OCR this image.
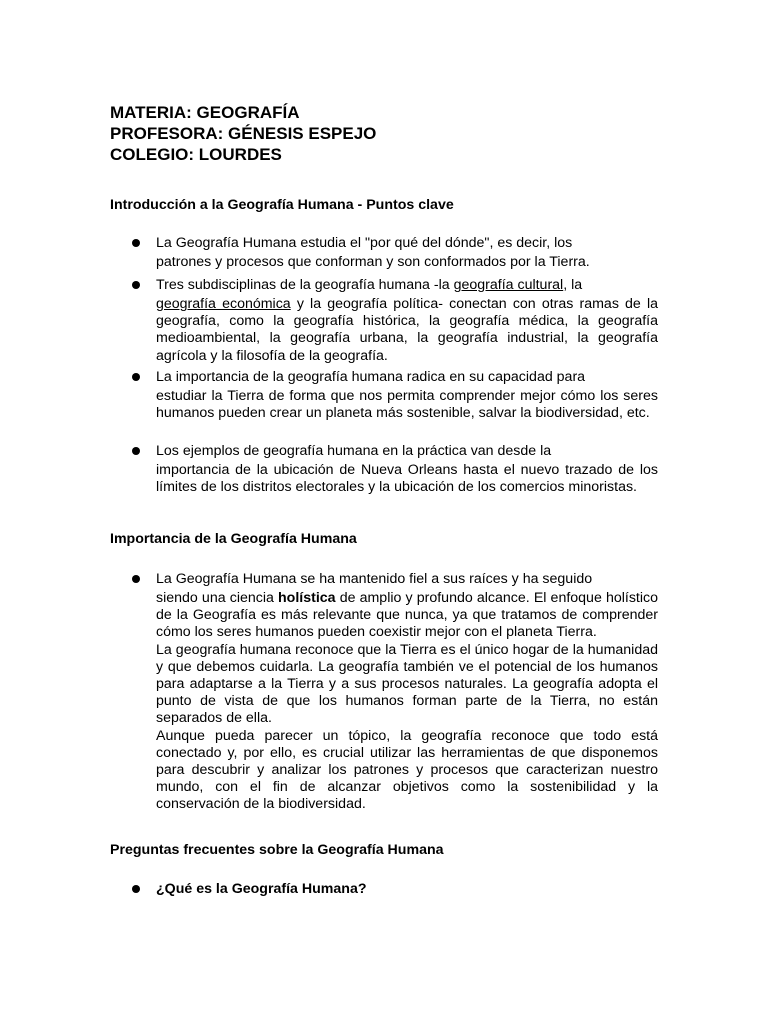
MATERIA: GEOGRAFÍA
PROFESORA: GÉNESIS ESPEJO
COLEGIO: LOURDES
Introducción a la Geografía Humana - Puntos clave
La Geografía Humana estudia el "por qué del dónde", es decir, los
patrones y procesos que conforman y son conformados por la Tierra.
Tres subdisciplinas de la geografía humana -la geografía cultural, la
geografía económica y la geografía política- conectan con otras ramas de la geografía, como la geografía histórica, la geografía médica, la geografía medioambiental, la geografía urbana, la geografía industrial, la geografía agrícola y la filosofía de la geografía.
La importancia de la geografía humana radica en su capacidad para
estudiar la Tierra de forma que nos permita comprender mejor cómo los seres humanos pueden crear un planeta más sostenible, salvar la biodiversidad, etc.
Los ejemplos de geografía humana en la práctica van desde la
importancia de la ubicación de Nueva Orleans hasta el nuevo trazado de los límites de los distritos electorales y la ubicación de los comercios minoristas.
Importancia de la Geografía Humana
La Geografía Humana se ha mantenido fiel a sus raíces y ha seguido
siendo una ciencia holística de amplio y profundo alcance. El enfoque holístico de la Geografía es más relevante que nunca, ya que tratamos de comprender cómo los seres humanos pueden coexistir mejor con el planeta Tierra.
La geografía humana reconoce que la Tierra es el único hogar de la humanidad y que debemos cuidarla. La geografía también ve el potencial de los humanos para adaptarse a la Tierra y a sus procesos naturales. La geografía adopta el punto de vista de que los humanos forman parte de la Tierra, no están separados de ella.
Aunque pueda parecer un tópico, la geografía reconoce que todo está conectado y, por ello, es crucial utilizar las herramientas de que disponemos para descubrir y analizar los patrones y procesos que caracterizan nuestro mundo, con el fin de alcanzar objetivos como la sostenibilidad y la conservación de la biodiversidad.
Preguntas frecuentes sobre la Geografía Humana
¿Qué es la Geografía Humana?
